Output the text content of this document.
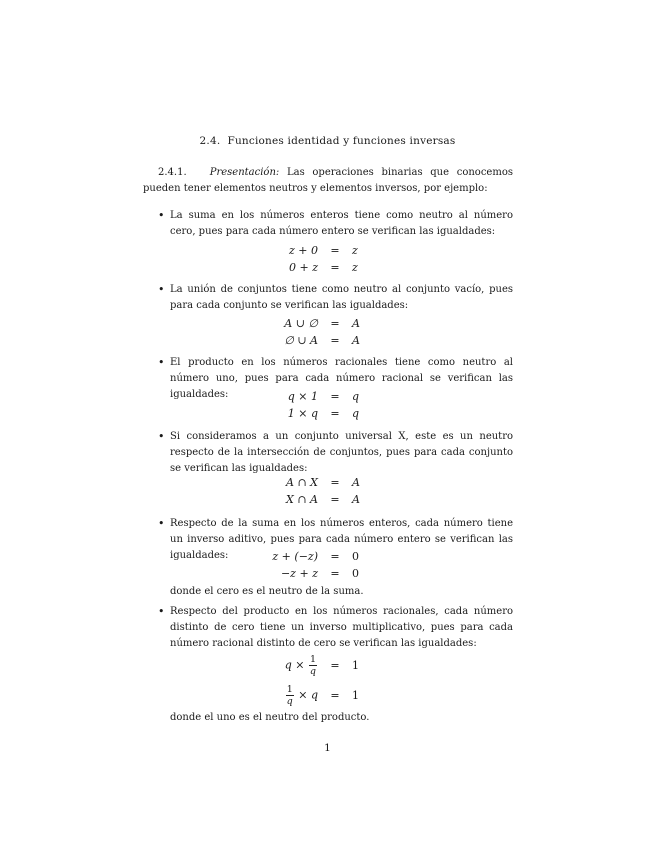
2.4. Funciones identidad y funciones inversas
2.4.1. Presentación: Las operaciones binarias que conocemos pueden tener elementos neutros y elementos inversos, por ejemplo:
• La suma en los números enteros tiene como neutro al número cero, pues para cada número entero se verifican las igualdades:
z + 0	=	z
0 + z	=	z
• La unión de conjuntos tiene como neutro al conjunto vacío, pues para cada conjunto se verifican las igualdades:
A ∪ ∅	=	A
∅ ∪ A	=	A
• El producto en los números racionales tiene como neutro al número uno, pues para cada número racional se verifican las igualdades:	q × 1	=	q
1 × q	=	q
• Si consideramos a un conjunto universal X, este es un neutro respecto de la intersección de conjuntos, pues para cada conjunto se verifican las igualdades:
A ∩ X	=	A
X ∩ A	=	A
• Respecto de la suma en los números enteros, cada número tiene un inverso aditivo, pues para cada número entero se verifican las igualdades:	z + (−z)	=	0
−z + z	=	0
donde el cero es el neutro de la suma.
• Respecto del producto en los números racionales, cada número distinto de cero tiene un inverso multiplicativo, pues para cada número racional distinto de cero se verifican las igualdades:
$q \times \frac{1}{q}$	=	1
$\frac{1}{q} \times q$	=	1
donde el uno es el neutro del producto.
1
